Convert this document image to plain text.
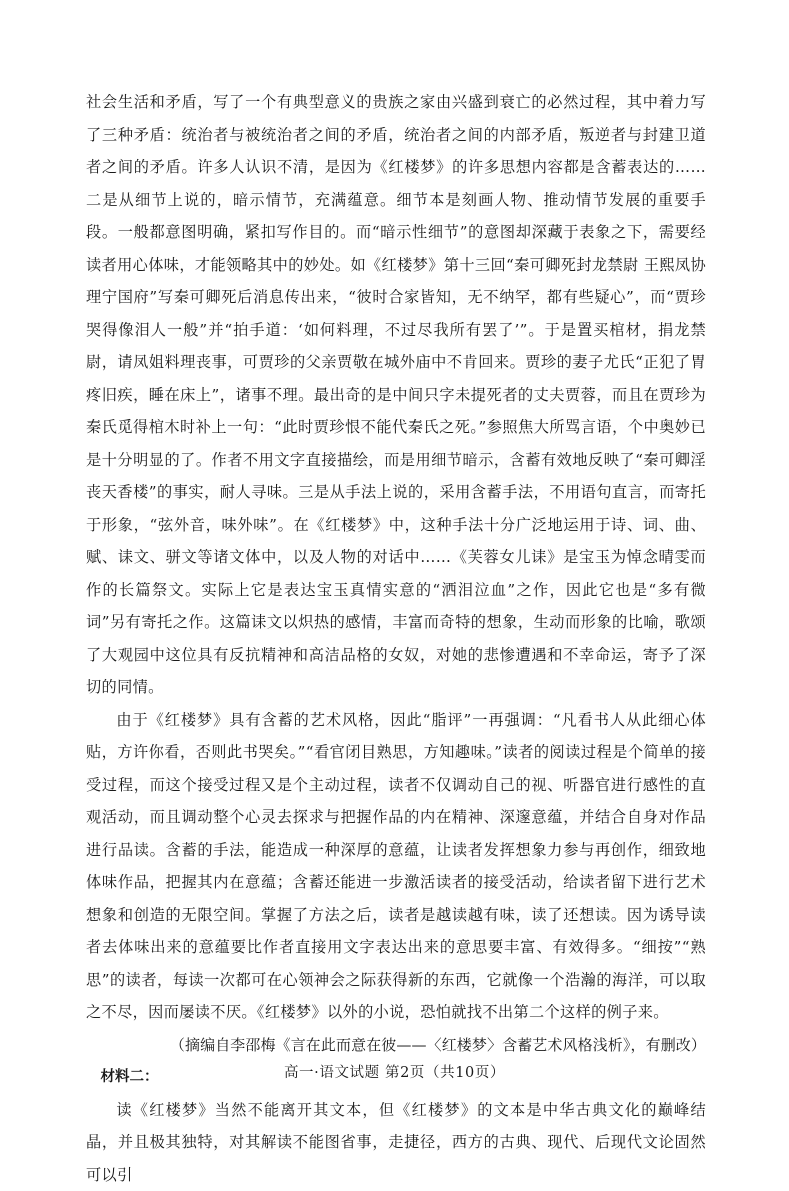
社会生活和矛盾，写了一个有典型意义的贵族之家由兴盛到衰亡的必然过程，其中着力写了三种矛盾：统治者与被统治者之间的矛盾，统治者之间的内部矛盾，叛逆者与封建卫道者之间的矛盾。许多人认识不清，是因为《红楼梦》的许多思想内容都是含蓄表达的……二是从细节上说的，暗示情节，充满蕴意。细节本是刻画人物、推动情节发展的重要手段。一般都意图明确，紧扣写作目的。而“暗示性细节”的意图却深藏于表象之下，需要经读者用心体味，才能领略其中的妙处。如《红楼梦》第十三回“秦可卿死封龙禁尉 王熙凤协理宁国府”写秦可卿死后消息传出来，“彼时合家皆知，无不纳罕，都有些疑心”，而“贾珍哭得像泪人一般”并“拍手道：‘如何料理，不过尽我所有罢了’”。于是置买棺材，捐龙禁尉，请凤姐料理丧事，可贾珍的父亲贾敬在城外庙中不肯回来。贾珍的妻子尤氏“正犯了胃疼旧疾，睡在床上”，诸事不理。最出奇的是中间只字未提死者的丈夫贾蓉，而且在贾珍为秦氏觅得棺木时补上一句：“此时贾珍恨不能代秦氏之死。”参照焦大所骂言语，个中奥妙已是十分明显的了。作者不用文字直接描绘，而是用细节暗示，含蓄有效地反映了“秦可卿淫丧天香楼”的事实，耐人寻味。三是从手法上说的，采用含蓄手法，不用语句直言，而寄托于形象，“弦外音，味外味”。在《红楼梦》中，这种手法十分广泛地运用于诗、词、曲、赋、诔文、骈文等诸文体中，以及人物的对话中……《芙蓉女儿诔》是宝玉为悼念晴雯而作的长篇祭文。实际上它是表达宝玉真情实意的“洒泪泣血”之作，因此它也是“多有微词”另有寄托之作。这篇诔文以炽热的感情，丰富而奇特的想象，生动而形象的比喻，歌颂了大观园中这位具有反抗精神和高洁品格的女奴，对她的悲惨遭遇和不幸命运，寄予了深切的同情。

由于《红楼梦》具有含蓄的艺术风格，因此“脂评”一再强调：“凡看书人从此细心体贴，方许你看，否则此书哭矣。”“看官闭目熟思，方知趣味。”读者的阅读过程是个简单的接受过程，而这个接受过程又是个主动过程，读者不仅调动自己的视、听器官进行感性的直观活动，而且调动整个心灵去探求与把握作品的内在精神、深邃意蕴，并结合自身对作品进行品读。含蓄的手法，能造成一种深厚的意蕴，让读者发挥想象力参与再创作，细致地体味作品，把握其内在意蕴；含蓄还能进一步激活读者的接受活动，给读者留下进行艺术想象和创造的无限空间。掌握了方法之后，读者是越读越有味，读了还想读。因为诱导读者去体味出来的意蕴要比作者直接用文字表达出来的意思要丰富、有效得多。“细按”“熟思”的读者，每读一次都可在心领神会之际获得新的东西，它就像一个浩瀚的海洋，可以取之不尽，因而屡读不厌。《红楼梦》以外的小说，恐怕就找不出第二个这样的例子来。

（摘编自李邵梅《言在此而意在彼——〈红楼梦〉含蓄艺术风格浅析》，有删改）

材料二：

读《红楼梦》当然不能离开其文本，但《红楼梦》的文本是中华古典文化的巅峰结晶，并且极其独特，对其解读不能图省事，走捷径，西方的古典、现代、后现代文论固然可以引

高一·语文试题 第2页（共10页）
